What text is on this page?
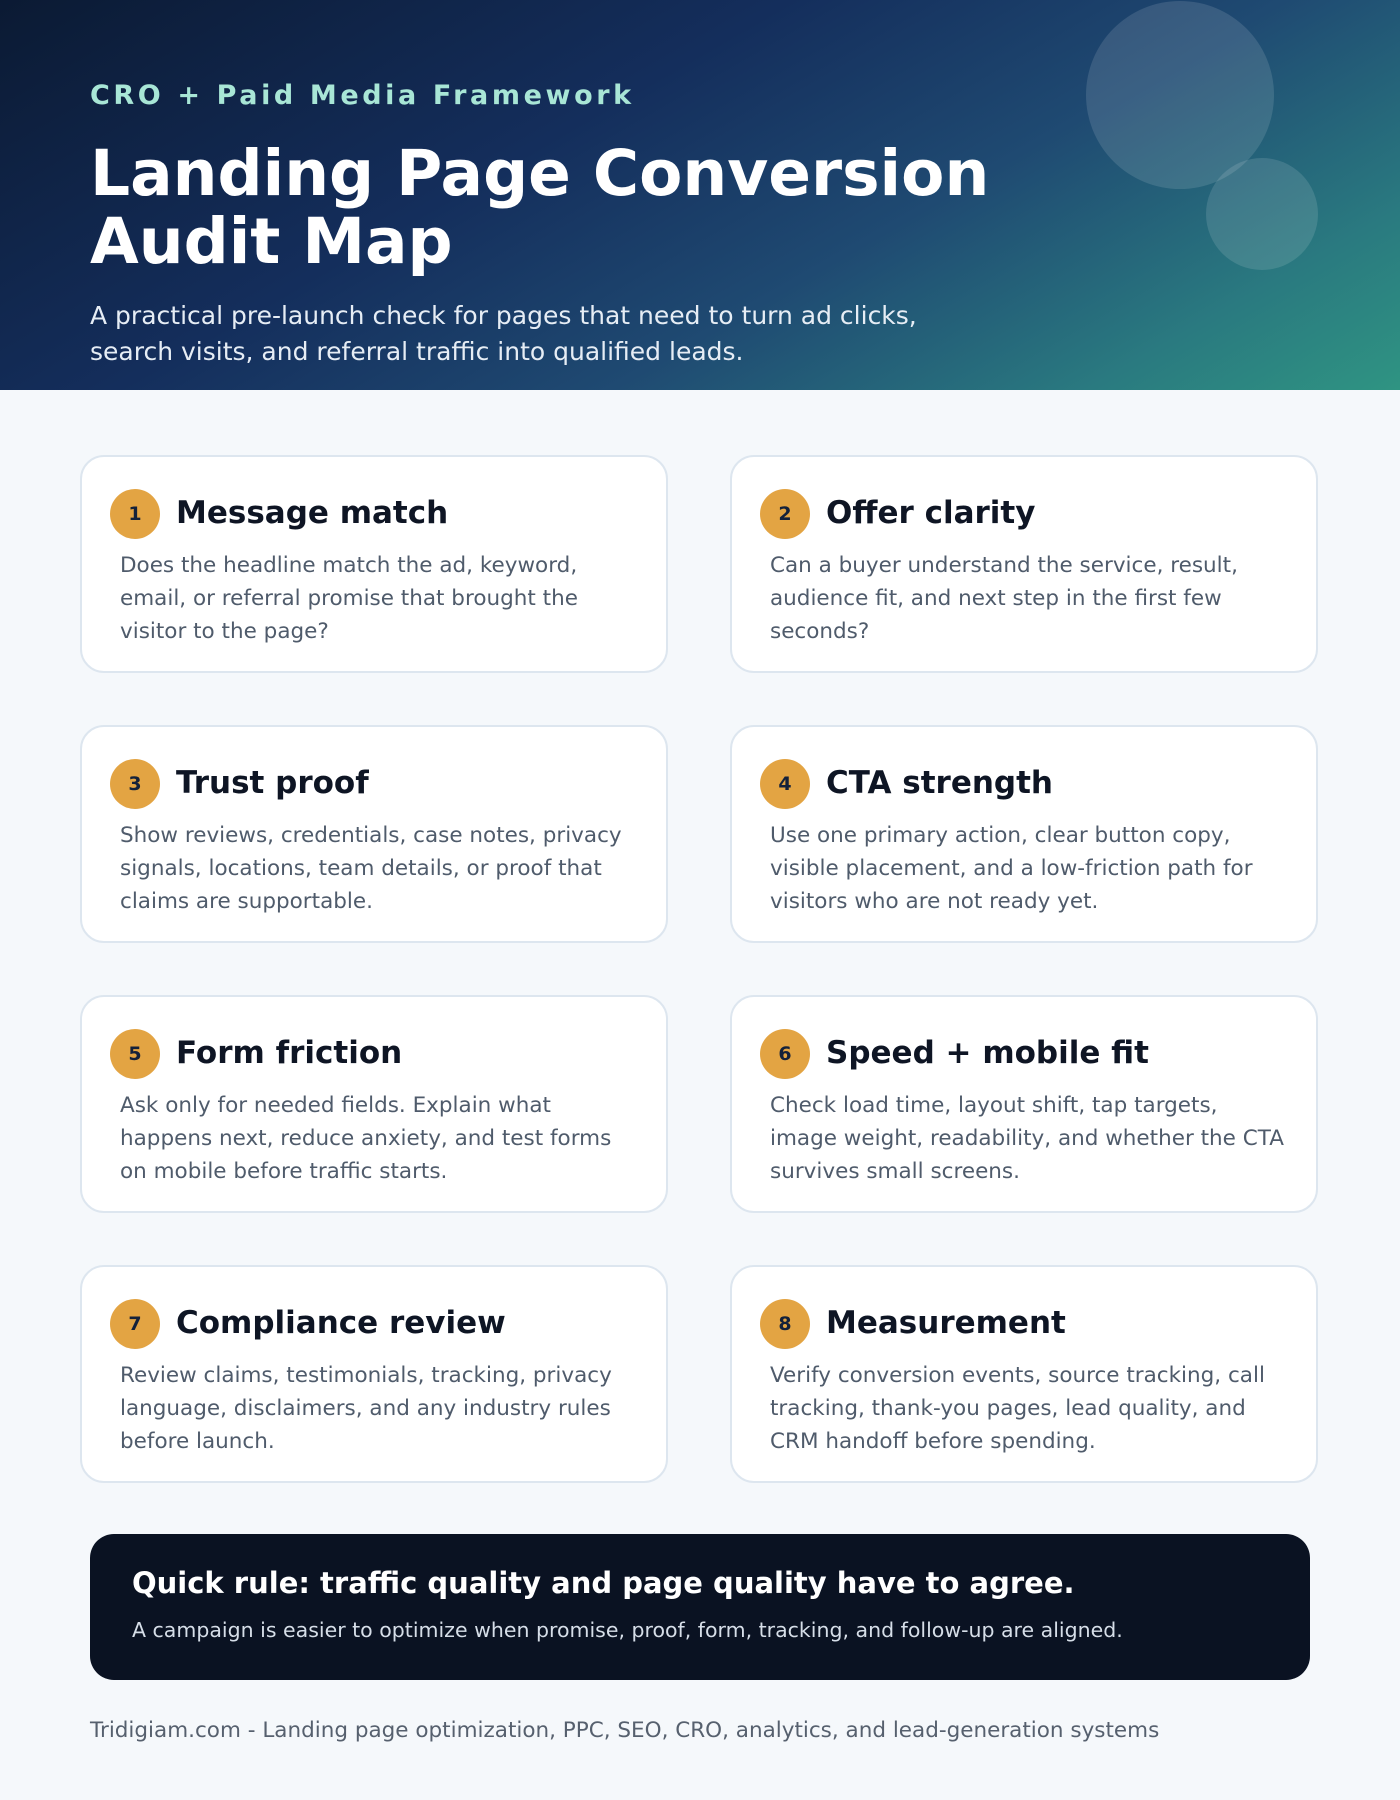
CRO + Paid Media Framework
Landing Page Conversion Audit Map

A practical pre-launch check for pages that need to turn ad clicks, search visits, and referral traffic into qualified leads.

1	Message match

Does the headline match the ad, keyword, email, or referral promise that brought the visitor to the page?

2	Offer clarity

Can a buyer understand the service, result, audience fit, and next step in the first few seconds?

3	Trust proof

Show reviews, credentials, case notes, privacy signals, locations, team details, or proof that claims are supportable.

4	CTA strength

Use one primary action, clear button copy, visible placement, and a low-friction path for visitors who are not ready yet.

5	Form friction

Ask only for needed fields. Explain what happens next, reduce anxiety, and test forms on mobile before traffic starts.

6	Speed + mobile fit

Check load time, layout shift, tap targets, image weight, readability, and whether the CTA survives small screens.

7	Compliance review

Review claims, testimonials, tracking, privacy language, disclaimers, and any industry rules before launch.

8	Measurement

Verify conversion events, source tracking, call tracking, thank-you pages, lead quality, and CRM handoff before spending.

Quick rule: traffic quality and page quality have to agree.
A campaign is easier to optimize when promise, proof, form, tracking, and follow-up are aligned.
Tridigiam.com - Landing page optimization, PPC, SEO, CRO, analytics, and lead-generation systems
